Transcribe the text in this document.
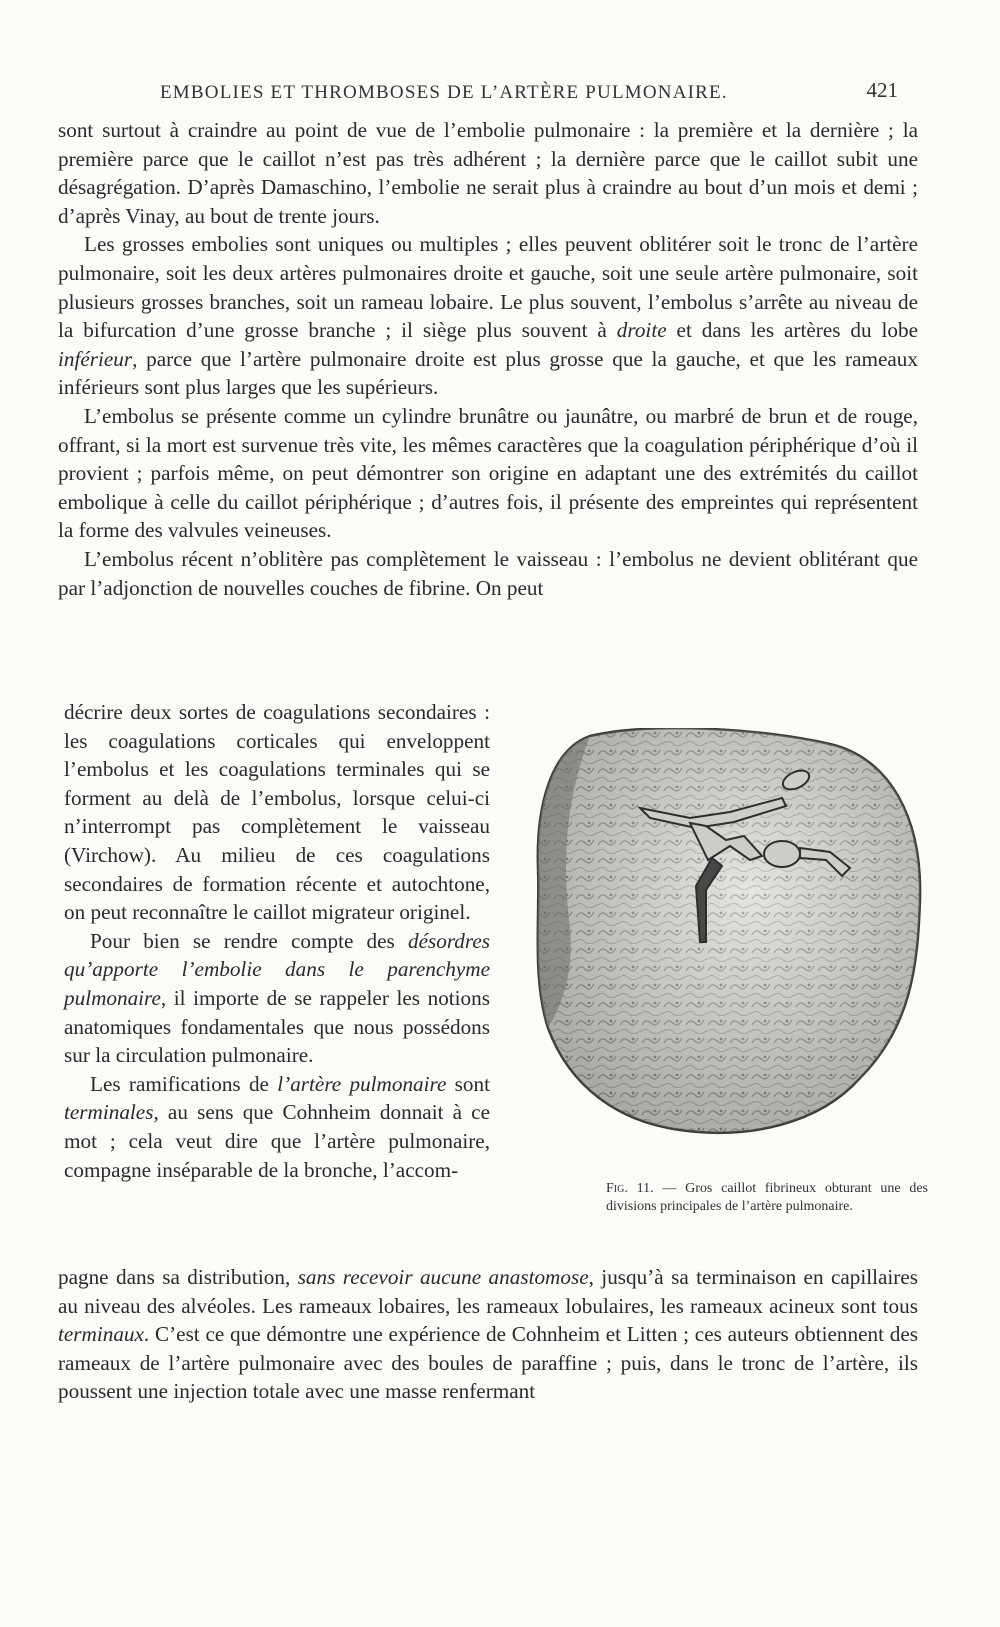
EMBOLIES ET THROMBOSES DE L’ARTÈRE PULMONAIRE.	421

sont surtout à craindre au point de vue de l’embolie pulmonaire : la première et la dernière ; la première parce que le caillot n’est pas très adhérent ; la dernière parce que le caillot subit une désagrégation. D’après Damaschino, l’embolie ne serait plus à craindre au bout d’un mois et demi ; d’après Vinay, au bout de trente jours.

Les grosses embolies sont uniques ou multiples ; elles peuvent oblitérer soit le tronc de l’artère pulmonaire, soit les deux artères pulmonaires droite et gauche, soit une seule artère pulmonaire, soit plusieurs grosses branches, soit un rameau lobaire. Le plus souvent, l’embolus s’arrête au niveau de la bifurcation d’une grosse branche ; il siège plus souvent à droite et dans les artères du lobe inférieur, parce que l’artère pulmonaire droite est plus grosse que la gauche, et que les rameaux inférieurs sont plus larges que les supérieurs.

L’embolus se présente comme un cylindre brunâtre ou jaunâtre, ou marbré de brun et de rouge, offrant, si la mort est survenue très vite, les mêmes caractères que la coagulation périphérique d’où il provient ; parfois même, on peut démontrer son origine en adaptant une des extrémités du caillot embolique à celle du caillot périphérique ; d’autres fois, il présente des empreintes qui représentent la forme des valvules veineuses.

L’embolus récent n’oblitère pas complètement le vaisseau : l’embolus ne devient oblitérant que par l’adjonction de nouvelles couches de fibrine. On peut

décrire deux sortes de coagulations secondaires : les coagulations corticales qui enveloppent l’embolus et les coagulations terminales qui se forment au delà de l’embolus, lorsque celui-ci n’interrompt pas complètement le vaisseau (Virchow). Au milieu de ces coagulations secondaires de formation récente et autochtone, on peut reconnaître le caillot migrateur originel.

Pour bien se rendre compte des désordres qu’apporte l’embolie dans le parenchyme pulmonaire, il importe de se rappeler les notions anatomiques fondamentales que nous possédons sur la circulation pulmonaire.

Les ramifications de l’artère pulmonaire sont terminales, au sens que Cohnheim donnait à ce mot ; cela veut dire que l’artère pulmonaire, compagne inséparable de la bronche, l’accom-

Fig. 11. — Gros caillot fibrineux obturant une des divisions principales de l’artère pulmonaire.

pagne dans sa distribution, sans recevoir aucune anastomose, jusqu’à sa terminaison en capillaires au niveau des alvéoles. Les rameaux lobaires, les rameaux lobulaires, les rameaux acineux sont tous terminaux. C’est ce que démontre une expérience de Cohnheim et Litten ; ces auteurs obtiennent des rameaux de l’artère pulmonaire avec des boules de paraffine ; puis, dans le tronc de l’artère, ils poussent une injection totale avec une masse renfermant
